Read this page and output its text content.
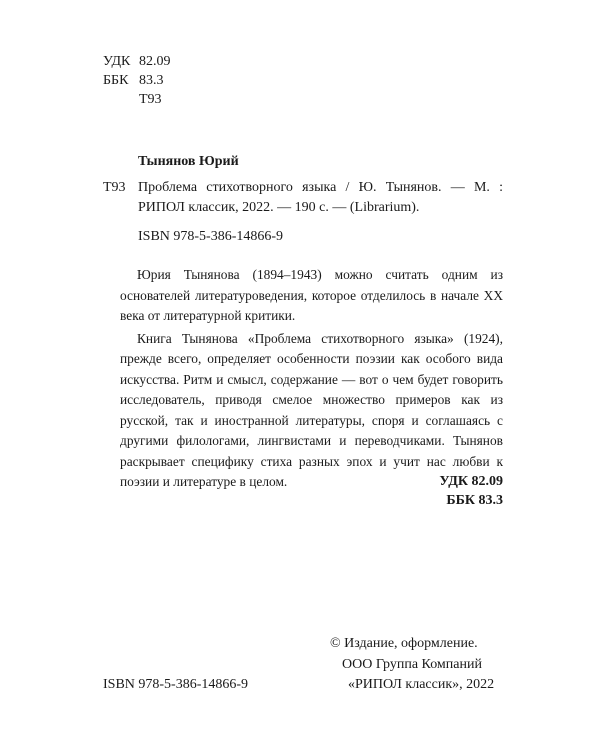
УДК 82.09
ББК 83.3
Т93
Тынянов Юрий
Т93 Проблема стихотворного языка / Ю. Тынянов. — М. : РИПОЛ классик, 2022. — 190 с. — (Librarium).
ISBN 978-5-386-14866-9

Юрия Тынянова (1894–1943) можно считать одним из основателей литературоведения, которое отделилось в начале XX века от литературной критики.

Книга Тынянова «Проблема стихотворного языка» (1924), прежде всего, определяет особенности поэзии как особого вида искусства. Ритм и смысл, содержание — вот о чем будет говорить исследователь, приводя смелое множество примеров как из русской, так и иностранной литературы, споря и соглашаясь с другими филологами, лингвистами и переводчиками. Тынянов раскрывает специфику стиха разных эпох и учит нас любви к поэзии и литературе в целом.	УДК 82.09
ББК 83.3
© Издание, оформление.
ООО Группа Компаний
«РИПОЛ классик», 2022
ISBN 978-5-386-14866-9
